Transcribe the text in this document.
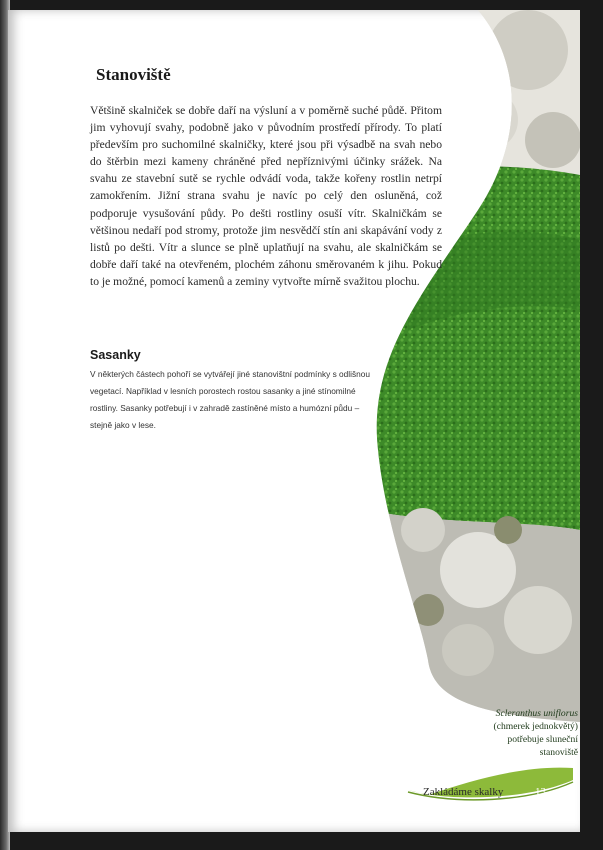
Stanoviště

Většině skalniček se dobře daří na výsluní a v poměrně suché půdě. Přitom jim vyhovují svahy, podobně jako v původním prostředí přírody. To platí především pro suchomilné skalničky, které jsou při výsadbě na svah nebo do štěrbin mezi kameny chráněné před nepříznivými účinky srážek. Na svahu ze stavební sutě se rychle odvádí voda, takže kořeny rostlin netrpí zamokřením. Jižní strana svahu je navíc po celý den osluněná, což podporuje vysušování půdy. Po dešti rostliny osuší vítr. Skalničkám se většinou nedaří pod stromy, protože jim nesvědčí stín ani skapávání vody z listů po dešti. Vítr a slunce se plně uplatňují na svahu, ale skalničkám se dobře daří také na otevřeném, plochém záhonu směrovaném k jihu. Pokud to je možné, pomocí kamenů a zeminy vytvořte mírně svažitou plochu.

Sasanky

V některých částech pohoří se vytvářejí jiné stanovištní podmínky s odlišnou vegetací. Například v lesních porostech rostou sasanky a jiné stínomilné rostliny. Sasanky potřebují i v zahradě zastíněné místo a humózní půdu – stejně jako v lese.

Scleranthus uniflorus (chmerek jednokvětý) potřebuje sluneční stanoviště
Zakládáme skalky	13
